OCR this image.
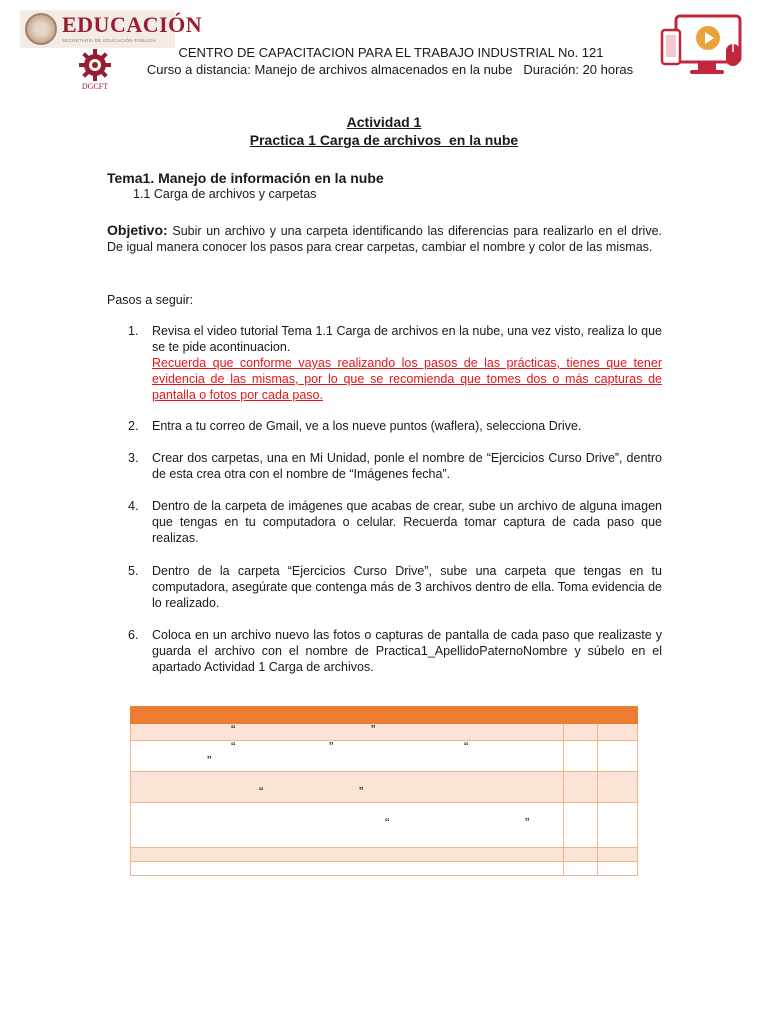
EDUCACIÓN
SECRETARÍA DE EDUCACIÓN PÚBLICA
DGCFT
CENTRO DE CAPACITACION PARA EL TRABAJO INDUSTRIAL No. 121
Curso a distancia: Manejo de archivos almacenados en la nube   Duración: 20 horas
Actividad 1
Practica 1 Carga de archivos  en la nube
Tema1. Manejo de información en la nube
1.1 Carga de archivos y carpetas
Objetivo: Subir un archivo y una carpeta identificando las diferencias para realizarlo en el drive. De igual manera conocer los pasos para crear carpetas, cambiar el nombre y color de las mismas.
Pasos a seguir:
1. Revisa el video tutorial Tema 1.1 Carga de archivos en la nube, una vez visto, realiza lo que se te pide acontinuacion.
Recuerda que conforme vayas realizando los pasos de las prácticas, tienes que tener evidencia de las mismas, por lo que se recomienda que tomes dos o más capturas de pantalla o fotos por cada paso.
2. Entra a tu correo de Gmail, ve a los nueve puntos (waflera), selecciona Drive.
3. Crear dos carpetas, una en Mi Unidad, ponle el nombre de “Ejercicios Curso Drive”, dentro de esta crea otra con el nombre de “Imágenes fecha”.
4. Dentro de la carpeta de imágenes que acabas de crear, sube un archivo de alguna imagen que tengas en tu computadora o celular. Recuerda tomar captura de cada paso que realizas.
5. Dentro de la carpeta “Ejercicios Curso Drive”, sube una carpeta que tengas en tu computadora, asegúrate que contenga más de 3 archivos dentro de ella. Toma evidencia de lo realizado.
6. Coloca en un archivo nuevo las fotos o capturas de pantalla de cada paso que realizaste y guarda el archivo con el nombre de Practica1_ApellidoPaternoNombre y súbelo en el apartado Actividad 1 Carga de archivos.

“ ”		

“ ” “
”		

“ ”		

“ ”		
